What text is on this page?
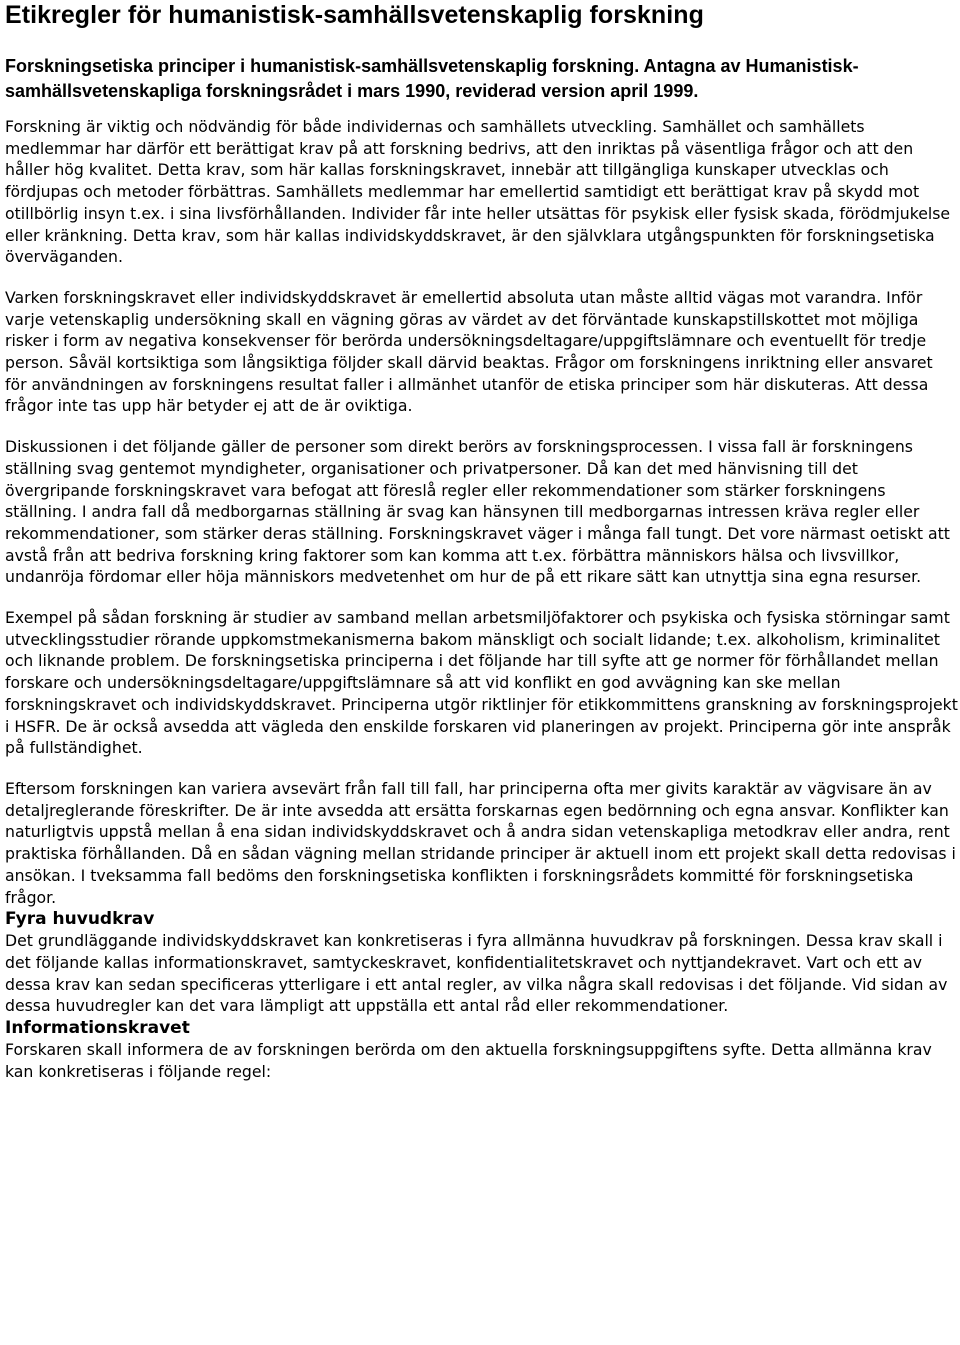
Etikregler för humanistisk-samhällsvetenskaplig forskning
Forskningsetiska principer i humanistisk-samhällsvetenskaplig forskning. Antagna av Humanistisk-samhällsvetenskapliga forskningsrådet i mars 1990, reviderad version april 1999.

Forskning är viktig och nödvändig för både individernas och samhällets utveckling. Samhället och samhällets medlemmar har därför ett berättigat krav på att forskning bedrivs, att den inriktas på väsentliga frågor och att den håller hög kvalitet. Detta krav, som här kallas forskningskravet, innebär att tillgängliga kunskaper utvecklas och fördjupas och metoder förbättras. Samhällets medlemmar har emellertid samtidigt ett berättigat krav på skydd mot otillbörlig insyn t.ex. i sina livsförhållanden. Individer får inte heller utsättas för psykisk eller fysisk skada, förödmjukelse eller kränkning. Detta krav, som här kallas individskyddskravet, är den självklara utgångspunkten för forskningsetiska överväganden.

Varken forskningskravet eller individskyddskravet är emellertid absoluta utan måste alltid vägas mot varandra. Inför varje vetenskaplig undersökning skall en vägning göras av värdet av det förväntade kunskapstillskottet mot möjliga risker i form av negativa konsekvenser för berörda undersökningsdeltagare/uppgiftslämnare och eventuellt för tredje person. Såväl kortsiktiga som långsiktiga följder skall därvid beaktas. Frågor om forskningens inriktning eller ansvaret för användningen av forskningens resultat faller i allmänhet utanför de etiska principer som här diskuteras. Att dessa frågor inte tas upp här betyder ej att de är oviktiga.

Diskussionen i det följande gäller de personer som direkt berörs av forskningsprocessen. I vissa fall är forskningens ställning svag gentemot myndigheter, organisationer och privatpersoner. Då kan det med hänvisning till det övergripande forskningskravet vara befogat att föreslå regler eller rekommendationer som stärker forskningens ställning. I andra fall då medborgarnas ställning är svag kan hänsynen till medborgarnas intressen kräva regler eller rekommendationer, som stärker deras ställning. Forskningskravet väger i många fall tungt. Det vore närmast oetiskt att avstå från att bedriva forskning kring faktorer som kan komma att t.ex. förbättra människors hälsa och livsvillkor, undanröja fördomar eller höja människors medvetenhet om hur de på ett rikare sätt kan utnyttja sina egna resurser.

Exempel på sådan forskning är studier av samband mellan arbetsmiljöfaktorer och psykiska och fysiska störningar samt utvecklingsstudier rörande uppkomstmekanismerna bakom mänskligt och socialt lidande; t.ex. alkoholism, kriminalitet och liknande problem. De forskningsetiska principerna i det följande har till syfte att ge normer för förhållandet mellan forskare och undersökningsdeltagare/uppgiftslämnare så att vid konflikt en god avvägning kan ske mellan forskningskravet och individskyddskravet. Principerna utgör riktlinjer för etikkommittens granskning av forskningsprojekt i HSFR. De är också avsedda att vägleda den enskilde forskaren vid planeringen av projekt. Principerna gör inte anspråk på fullständighet.

Eftersom forskningen kan variera avsevärt från fall till fall, har principerna ofta mer givits karaktär av vägvisare än av detaljreglerande föreskrifter. De är inte avsedda att ersätta forskarnas egen bedörnning och egna ansvar. Konflikter kan naturligtvis uppstå mellan å ena sidan individskyddskravet och å andra sidan vetenskapliga metodkrav eller andra, rent praktiska förhållanden. Då en sådan vägning mellan stridande principer är aktuell inom ett projekt skall detta redovisas i ansökan. I tveksamma fall bedöms den forskningsetiska konflikten i forskningsrådets kommitté för forskningsetiska frågor.

Fyra huvudkrav

Det grundläggande individskyddskravet kan konkretiseras i fyra allmänna huvudkrav på forskningen. Dessa krav skall i det följande kallas informationskravet, samtyckeskravet, konfidentialitetskravet och nyttjandekravet. Vart och ett av dessa krav kan sedan specificeras ytterligare i ett antal regler, av vilka några skall redovisas i det följande. Vid sidan av dessa huvudregler kan det vara lämpligt att uppställa ett antal råd eller rekommendationer.

Informationskravet

Forskaren skall informera de av forskningen berörda om den aktuella forskningsuppgiftens syfte. Detta allmänna krav kan konkretiseras i följande regel:
